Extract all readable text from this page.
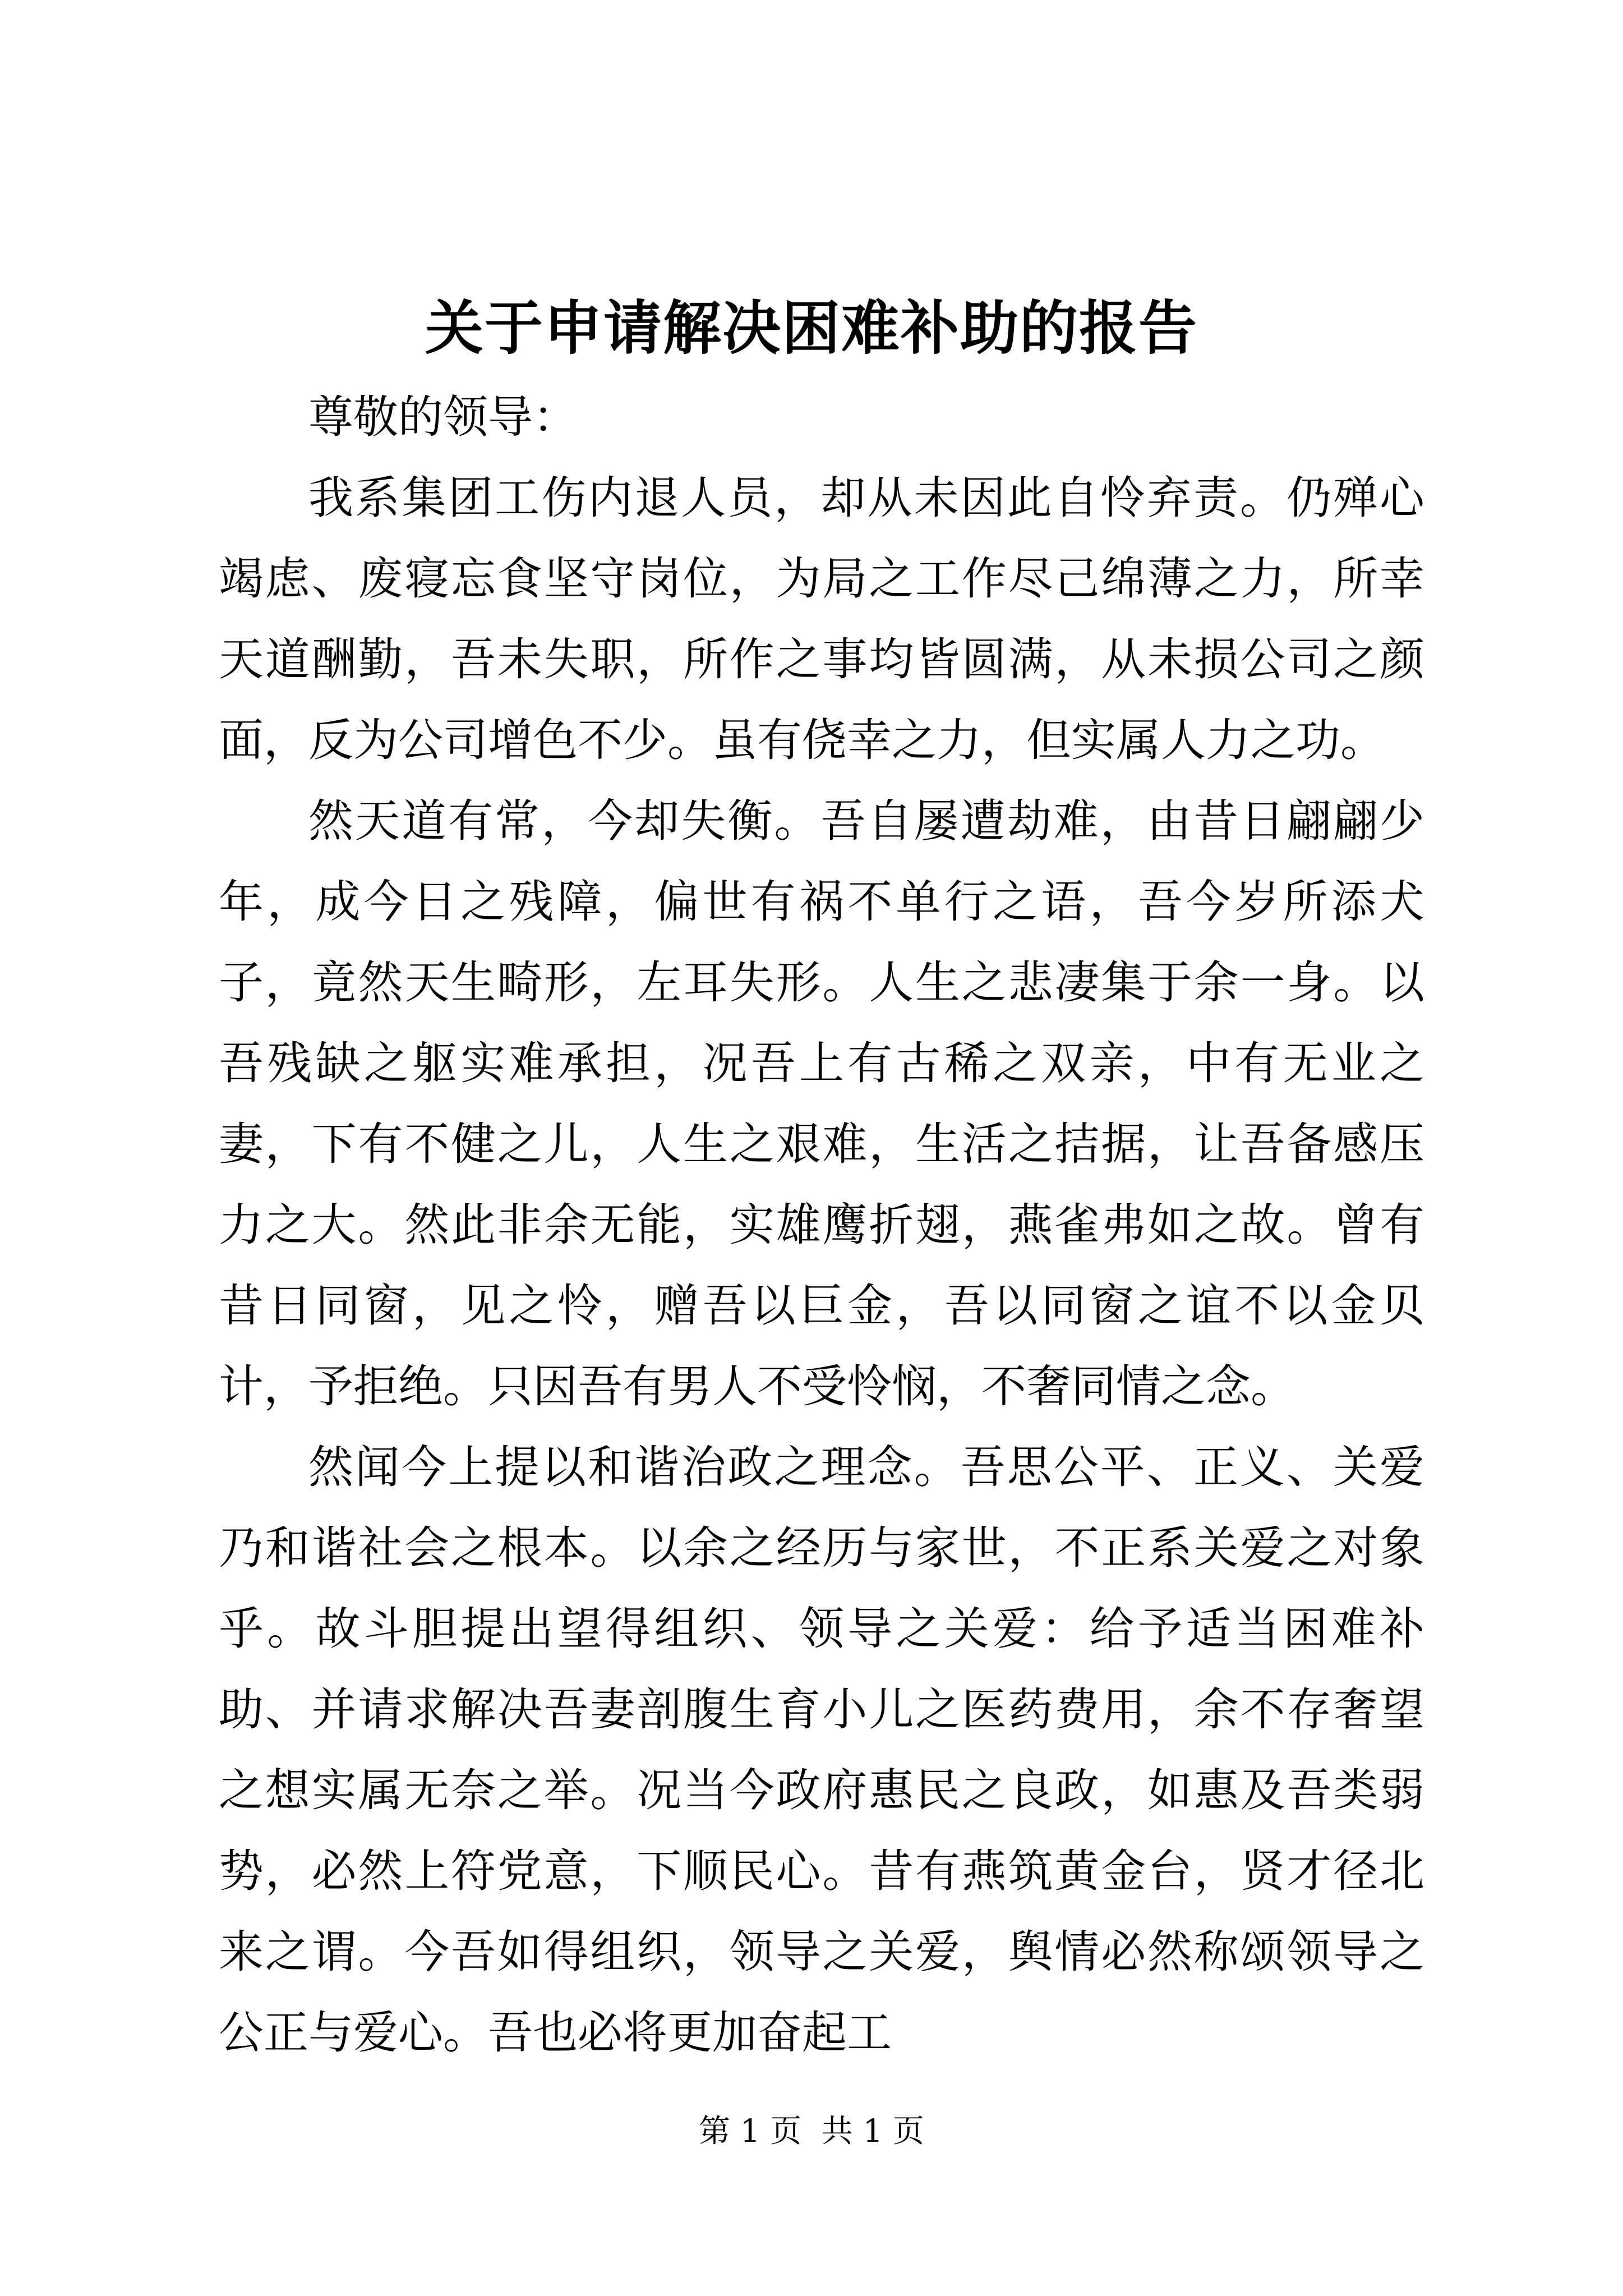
关于申请解决困难补助的报告
尊敬的领导：

我系集团工伤内退人员，却从未因此自怜弃责。仍殚心竭虑、废寝忘食坚守岗位，为局之工作尽己绵薄之力，所幸天道酬勤，吾未失职，所作之事均皆圆满，从未损公司之颜面，反为公司增色不少。虽有侥幸之力，但实属人力之功。

然天道有常，今却失衡。吾自屡遭劫难，由昔日翩翩少年，成今日之残障，偏世有祸不单行之语，吾今岁所添犬子，竟然天生畸形，左耳失形。人生之悲凄集于余一身。以吾残缺之躯实难承担，况吾上有古稀之双亲，中有无业之妻，下有不健之儿，人生之艰难，生活之拮据，让吾备感压力之大。然此非余无能，实雄鹰折翅，燕雀弗如之故。曾有昔日同窗，见之怜，赠吾以巨金，吾以同窗之谊不以金贝计，予拒绝。只因吾有男人不受怜悯，不奢同情之念。

然闻今上提以和谐治政之理念。吾思公平、正义、关爱乃和谐社会之根本。以余之经历与家世，不正系关爱之对象乎。故斗胆提出望得组织、领导之关爱：给予适当困难补助、并请求解决吾妻剖腹生育小儿之医药费用，余不存奢望之想实属无奈之举。况当今政府惠民之良政，如惠及吾类弱势，必然上符党意，下顺民心。昔有燕筑黄金台，贤才径北来之谓。今吾如得组织，领导之关爱，舆情必然称颂领导之公正与爱心。吾也必将更加奋起工

第 1 页  共 1 页
